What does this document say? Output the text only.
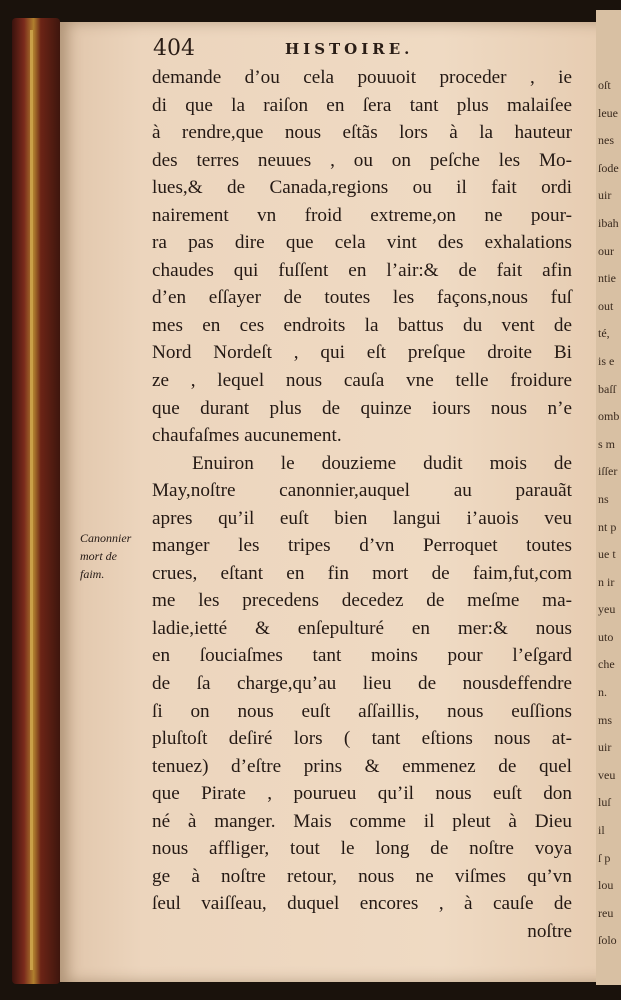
oſt
leue
nes
ſode
uir
ibah
our
ntie
out
té,
is e
baſſ
omb
s m
iſſer
ns
nt p
ue t
n ir
yeu
uto
che
n.
ms
uir
veu
luſ
il
ſ p
lou
reu
ſolo
404	HISTOIRE.
Canonnier
mort de
faim.
demande d’ou cela pouuoit proceder , ie
di que la raiſon en ſera tant plus malaiſee
à rendre,que nous eſtãs lors à la hauteur
des terres neuues , ou on peſche les Mo-
lues,& de Canada,regions ou il fait ordi
nairement vn froid extreme,on ne pour-
ra pas dire que cela vint des exhalations
chaudes qui fuſſent en l’air:& de fait afin
d’en eſſayer de toutes les façons,nous fuſ
mes en ces endroits la battus du vent de
Nord Nordeſt , qui eſt preſque droite Bi
ze , lequel nous cauſa vne telle froidure
que durant plus de quinze iours nous n’e
chaufaſmes aucunement.
Enuiron le douzieme dudit mois de
May,noſtre canonnier,auquel au parauãt
apres qu’il euſt bien langui i’auois veu
manger les tripes d’vn Perroquet toutes
crues, eſtant en fin mort de faim,fut,com
me les precedens decedez de meſme ma-
ladie,ietté & enſepulturé en mer:& nous
en ſouciaſmes tant moins pour l’eſgard
de ſa charge,qu’au lieu de nousdeffendre
ſi on nous euſt aſſaillis, nous euſſions
pluſtoſt deſiré lors ( tant eſtions nous at-
tenuez) d’eſtre prins & emmenez de quel
que Pirate , pourueu qu’il nous euſt don
né à manger. Mais comme il pleut à Dieu
nous affliger, tout le long de noſtre voya
ge à noſtre retour, nous ne viſmes qu’vn
ſeul vaiſſeau, duquel encores , à cauſe de
noſtre
